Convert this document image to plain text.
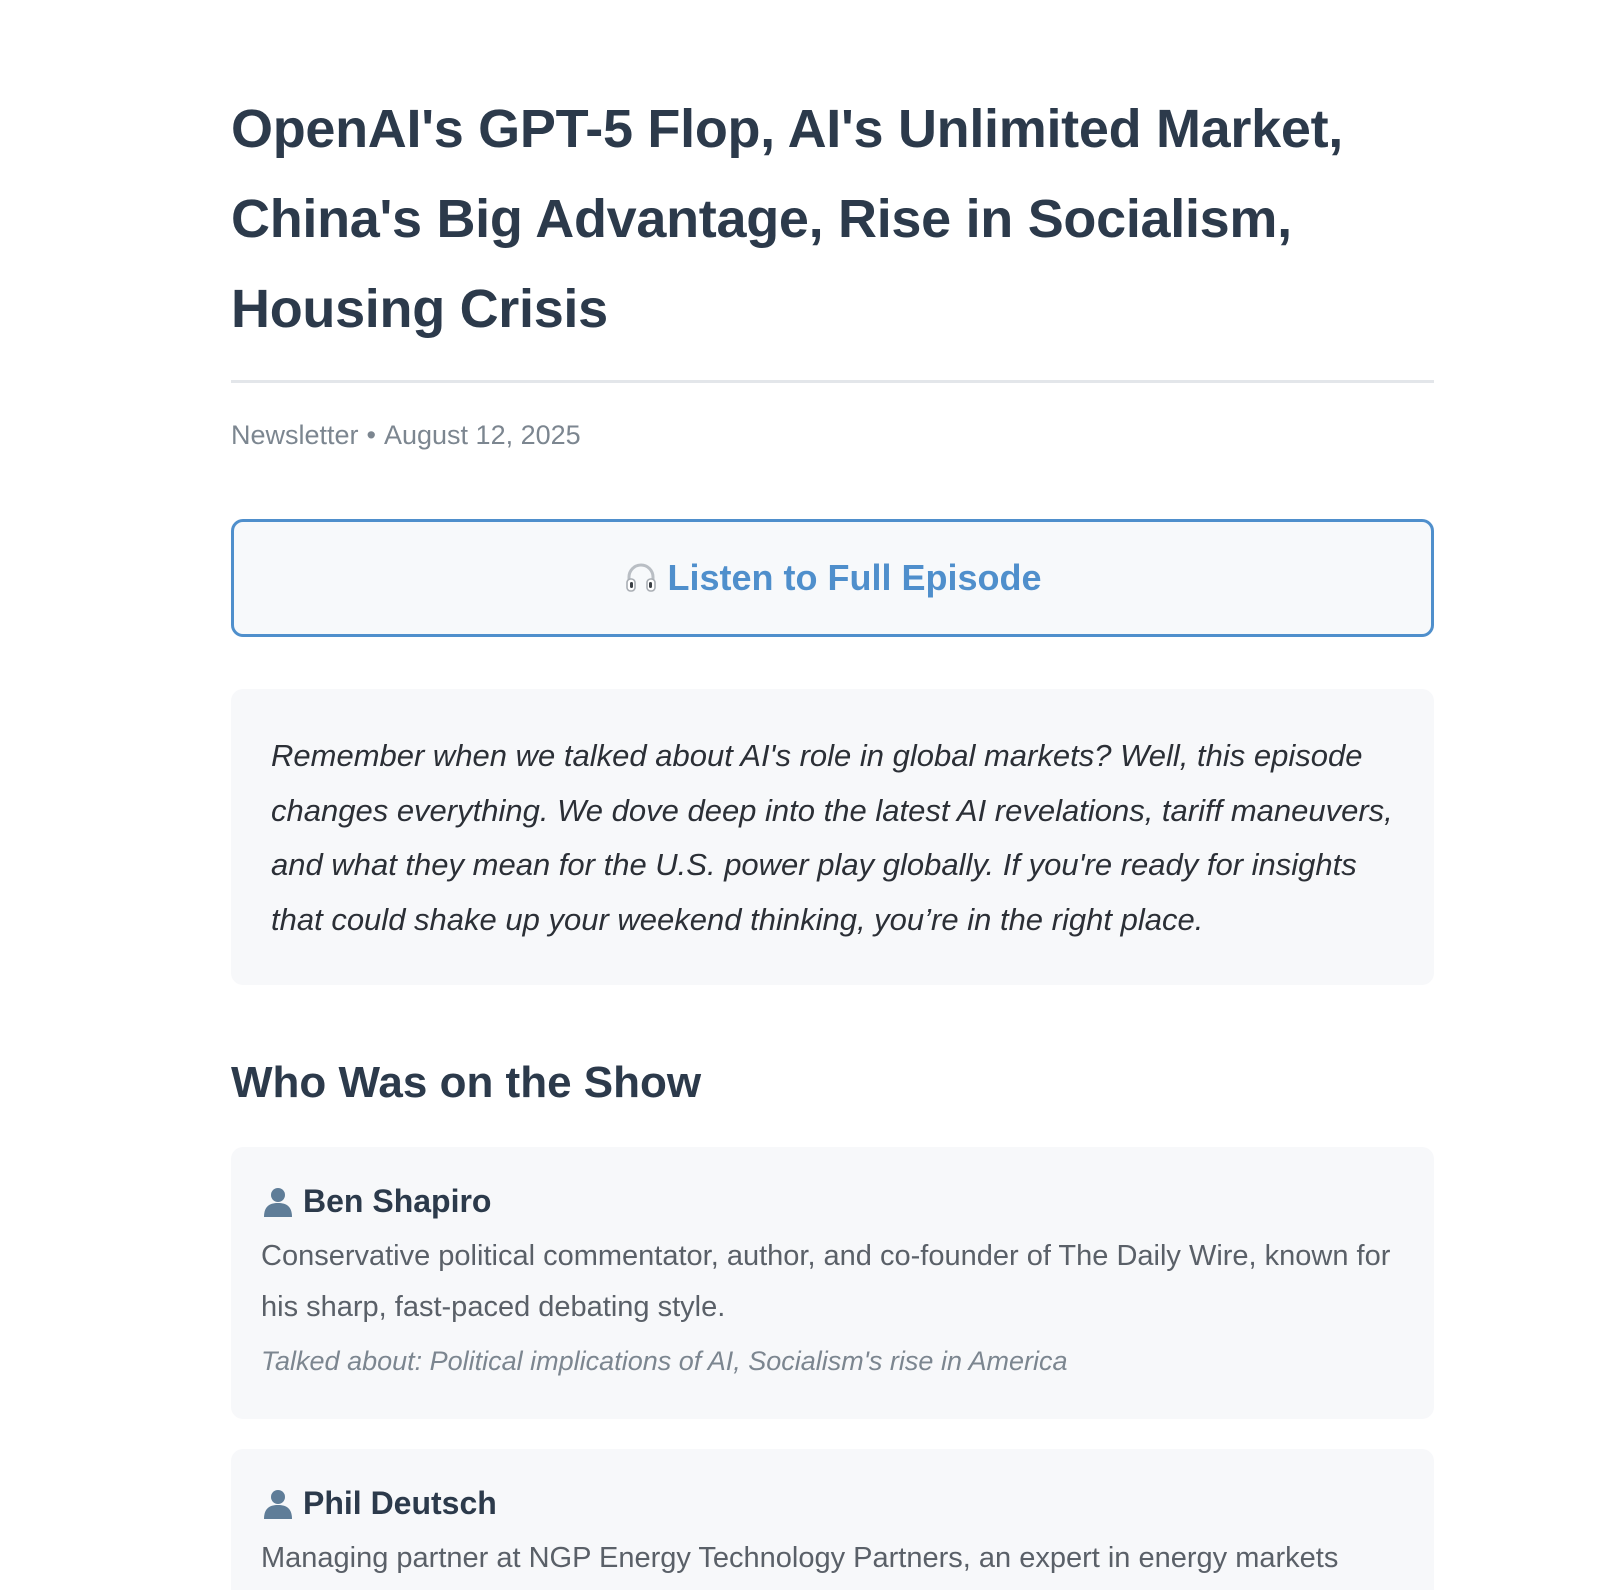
OpenAI's GPT-5 Flop, AI's Unlimited Market, China's Big Advantage, Rise in Socialism, Housing Crisis
Newsletter • August 12, 2025
Listen to Full Episode

Remember when we talked about AI's role in global markets? Well, this episode changes everything. We dove deep into the latest AI revelations, tariff maneuvers, and what they mean for the U.S. power play globally. If you're ready for insights that could shake up your weekend thinking, you’re in the right place.

Who Was on the Show
Ben Shapiro

Conservative political commentator, author, and co-founder of The Daily Wire, known for his sharp, fast-paced debating style.

Talked about: Political implications of AI, Socialism's rise in America

Phil Deutsch

Managing partner at NGP Energy Technology Partners, an expert in energy markets
